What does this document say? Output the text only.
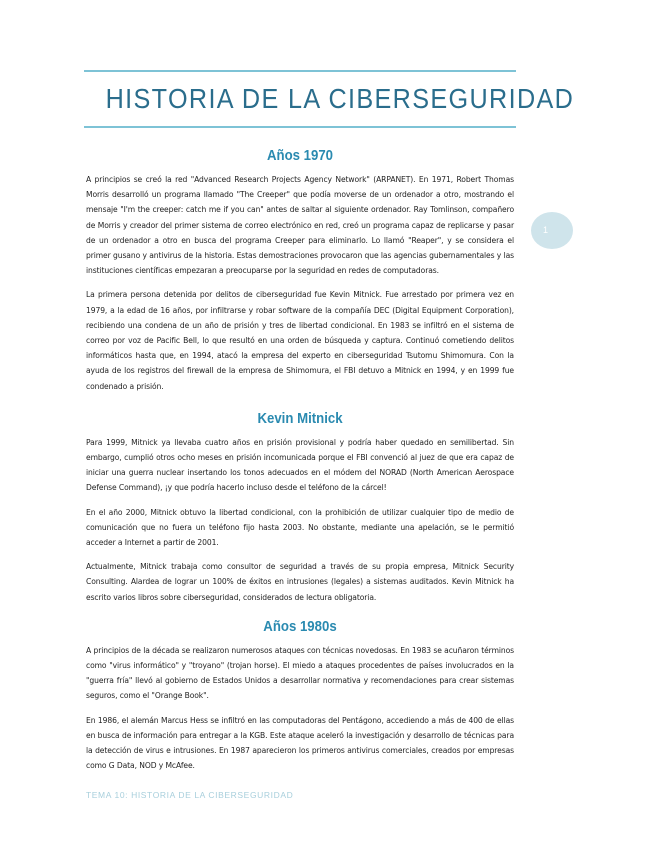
HISTORIA DE LA CIBERSEGURIDAD
1
Años 1970

A principios se creó la red "Advanced Research Projects Agency Network" (ARPANET). En 1971, Robert Thomas Morris desarrolló un programa llamado "The Creeper" que podía moverse de un ordenador a otro, mostrando el mensaje "I'm the creeper: catch me if you can" antes de saltar al siguiente ordenador. Ray Tomlinson, compañero de Morris y creador del primer sistema de correo electrónico en red, creó un programa capaz de replicarse y pasar de un ordenador a otro en busca del programa Creeper para eliminarlo. Lo llamó "Reaper", y se considera el primer gusano y antivirus de la historia. Estas demostraciones provocaron que las agencias gubernamentales y las instituciones científicas empezaran a preocuparse por la seguridad en redes de computadoras.

La primera persona detenida por delitos de ciberseguridad fue Kevin Mitnick. Fue arrestado por primera vez en 1979, a la edad de 16 años, por infiltrarse y robar software de la compañía DEC (Digital Equipment Corporation), recibiendo una condena de un año de prisión y tres de libertad condicional. En 1983 se infiltró en el sistema de correo por voz de Pacific Bell, lo que resultó en una orden de búsqueda y captura. Continuó cometiendo delitos informáticos hasta que, en 1994, atacó la empresa del experto en ciberseguridad Tsutomu Shimomura. Con la ayuda de los registros del firewall de la empresa de Shimomura, el FBI detuvo a Mitnick en 1994, y en 1999 fue condenado a prisión.

Kevin Mitnick

Para 1999, Mitnick ya llevaba cuatro años en prisión provisional y podría haber quedado en semilibertad. Sin embargo, cumplió otros ocho meses en prisión incomunicada porque el FBI convenció al juez de que era capaz de iniciar una guerra nuclear insertando los tonos adecuados en el módem del NORAD (North American Aerospace Defense Command), ¡y que podría hacerlo incluso desde el teléfono de la cárcel!

En el año 2000, Mitnick obtuvo la libertad condicional, con la prohibición de utilizar cualquier tipo de medio de comunicación que no fuera un teléfono fijo hasta 2003. No obstante, mediante una apelación, se le permitió acceder a Internet a partir de 2001.

Actualmente, Mitnick trabaja como consultor de seguridad a través de su propia empresa, Mitnick Security Consulting. Alardea de lograr un 100% de éxitos en intrusiones (legales) a sistemas auditados. Kevin Mitnick ha escrito varios libros sobre ciberseguridad, considerados de lectura obligatoria.

Años 1980s

A principios de la década se realizaron numerosos ataques con técnicas novedosas. En 1983 se acuñaron términos como "virus informático" y "troyano" (trojan horse). El miedo a ataques procedentes de países involucrados en la "guerra fría" llevó al gobierno de Estados Unidos a desarrollar normativa y recomendaciones para crear sistemas seguros, como el "Orange Book".

En 1986, el alemán Marcus Hess se infiltró en las computadoras del Pentágono, accediendo a más de 400 de ellas en busca de información para entregar a la KGB. Este ataque aceleró la investigación y desarrollo de técnicas para la detección de virus e intrusiones. En 1987 aparecieron los primeros antivirus comerciales, creados por empresas como G Data, NOD y McAfee.

TEMA 10: HISTORIA DE LA CIBERSEGURIDAD
